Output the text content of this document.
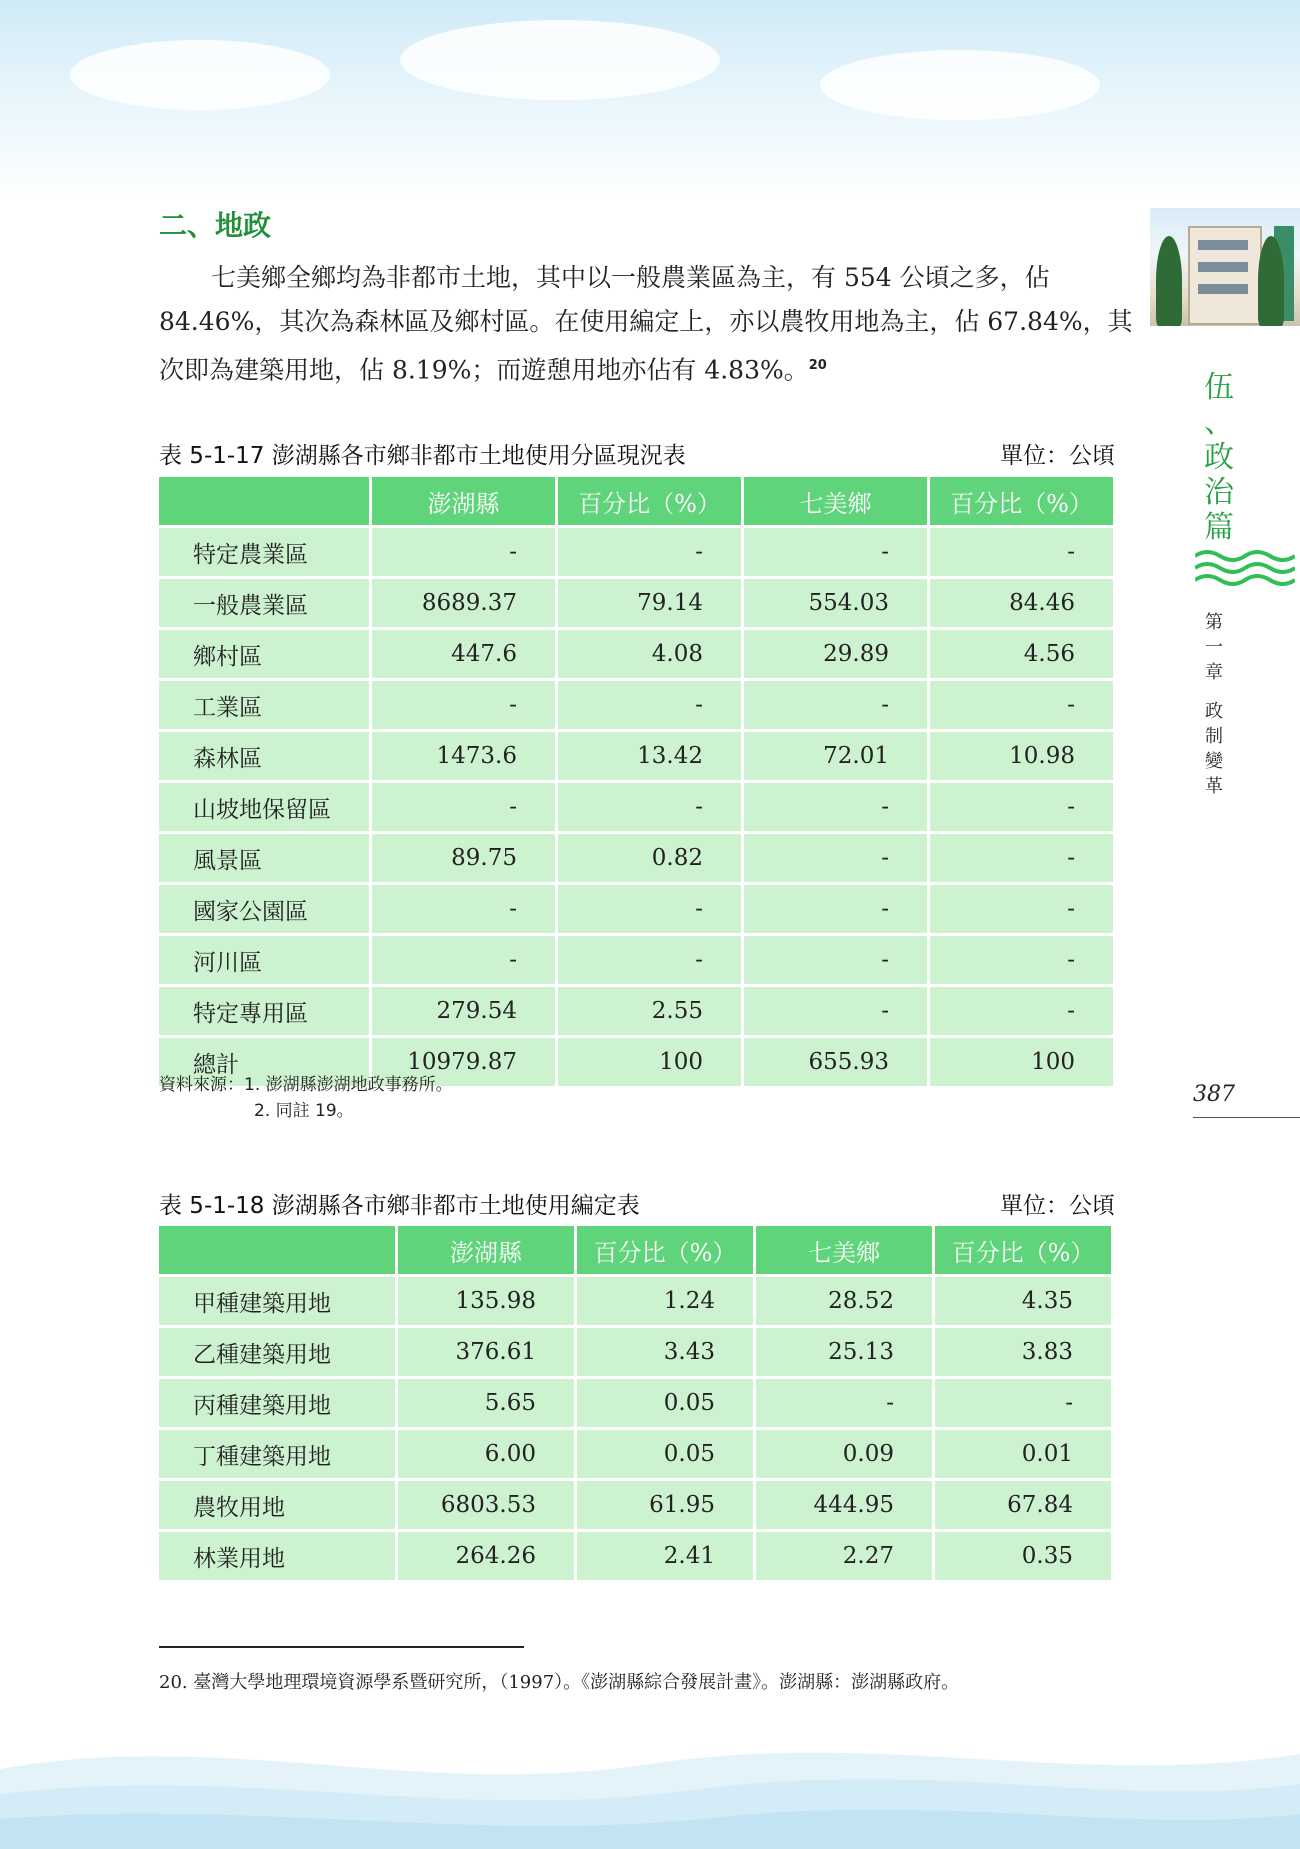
二、地政
七美鄉全鄉均為非都市土地，其中以一般農業區為主，有 554 公頃之多，佔
84.46%，其次為森林區及鄉村區。在使用編定上，亦以農牧用地為主，佔 67.84%，其
次即為建築用地，佔 8.19%；而遊憩用地亦佔有 4.83%。$^{20}$
表 5-1-17 澎湖縣各市鄉非都市土地使用分區現況表	單位：公頃
	澎湖縣	百分比（%）	七美鄉	百分比（%）
特定農業區	-	-	-	-
一般農業區	8689.37	79.14	554.03	84.46
鄉村區	447.6	4.08	29.89	4.56
工業區	-	-	-	-
森林區	1473.6	13.42	72.01	10.98
山坡地保留區	-	-	-	-
風景區	89.75	0.82	-	-
國家公園區	-	-	-	-
河川區	-	-	-	-
特定專用區	279.54	2.55	-	-
總計	10979.87	100	655.93	100
資料來源：1. 澎湖縣澎湖地政事務所。
2. 同註 19。
表 5-1-18 澎湖縣各市鄉非都市土地使用編定表	單位：公頃
	澎湖縣	百分比（%）	七美鄉	百分比（%）
甲種建築用地	135.98	1.24	28.52	4.35
乙種建築用地	376.61	3.43	25.13	3.83
丙種建築用地	5.65	0.05	-	-
丁種建築用地	6.00	0.05	0.09	0.01
農牧用地	6803.53	61.95	444.95	67.84
林業用地	264.26	2.41	2.27	0.35
20. 臺灣大學地理環境資源學系暨研究所，（1997）。《澎湖縣綜合發展計畫》。澎湖縣：澎湖縣政府。
伍
、
政
治
篇
第
一
章
政
制
變
革
387
